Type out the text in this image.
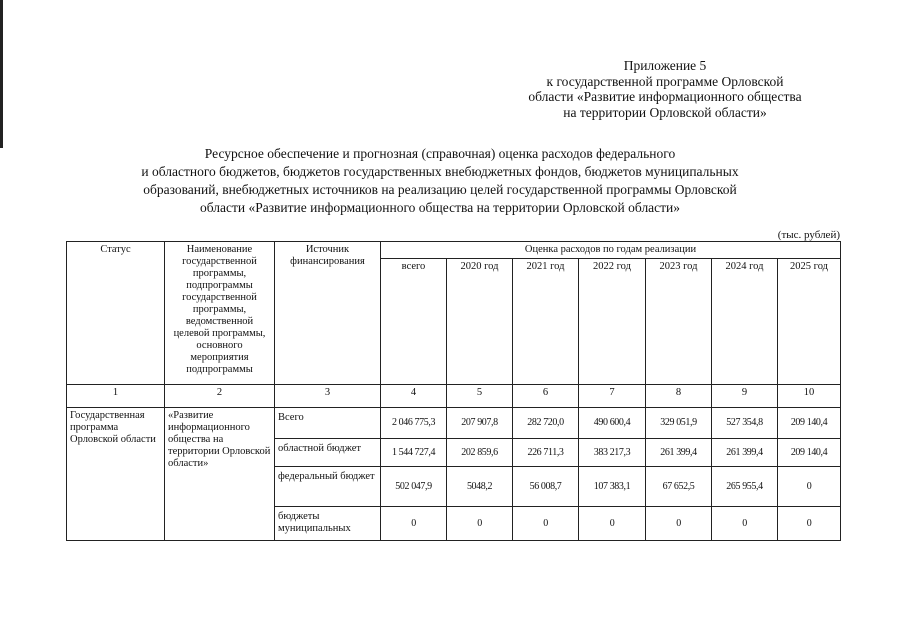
Приложение 5
к государственной программе Орловской
области «Развитие информационного общества
на территории Орловской области»
Ресурсное обеспечение и прогнозная (справочная) оценка расходов федерального
и областного бюджетов, бюджетов государственных внебюджетных фондов, бюджетов муниципальных
образований, внебюджетных источников на реализацию целей государственной программы Орловской
области «Развитие информационного общества на территории Орловской области»
(тыс. рублей)
Статус	Наименование государственной программы, подпрограммы государственной программы, ведомственной целевой программы, основного мероприятия подпрограммы	Источник финансирования	Оценка расходов по годам реализации						
			всего	2020 год	2021 год	2022 год	2023 год	2024 год	2025 год
1	2	3	4	5	6	7	8	9	10
Государственная программа Орловской области	«Развитие информационного общества на территории Орловской области»	Всего	2 046 775,3	207 907,8	282 720,0	490 600,4	329 051,9	527 354,8	209 140,4
		областной бюджет	1 544 727,4	202 859,6	226 711,3	383 217,3	261 399,4	261 399,4	209 140,4
		федеральный бюджет	502 047,9	5048,2	56 008,7	107 383,1	67 652,5	265 955,4	0
		бюджеты муниципальных	0	0	0	0	0	0	0
